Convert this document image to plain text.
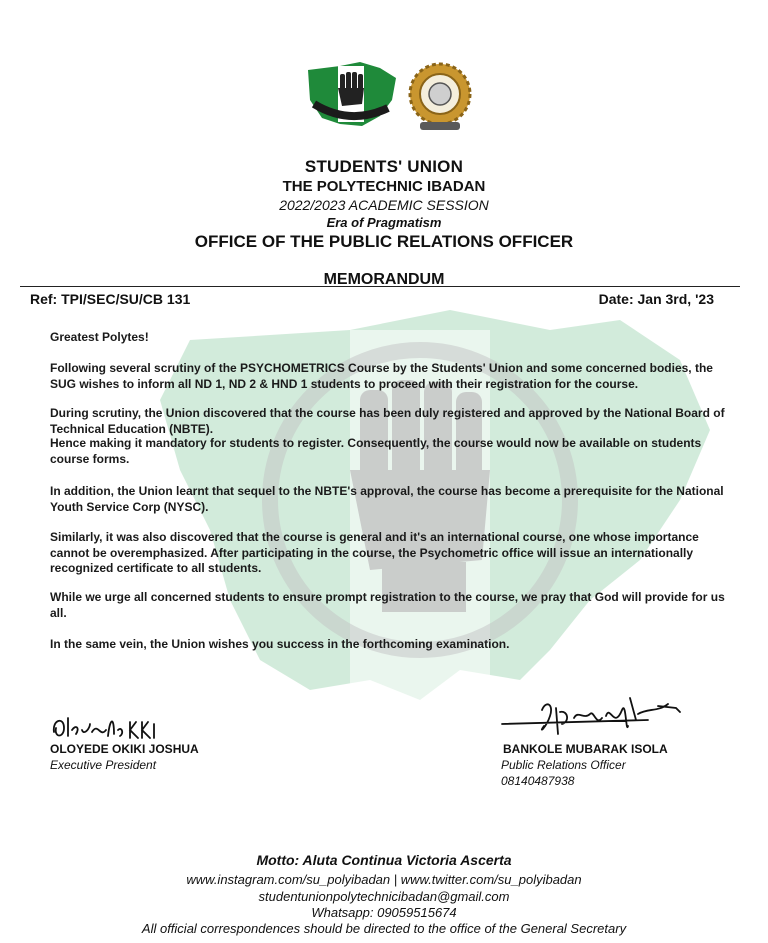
STUDENTS' UNION
THE POLYTECHNIC IBADAN
2022/2023 ACADEMIC SESSION
Era of Pragmatism
OFFICE OF THE PUBLIC RELATIONS OFFICER
MEMORANDUM
Ref: TPI/SEC/SU/CB 131	Date: Jan 3rd, '23
Greatest Polytes!
Following several scrutiny of the PSYCHOMETRICS Course by the Students' Union and some concerned bodies, the SUG wishes to inform all ND 1, ND 2 & HND 1 students to proceed with their registration for the course.
During scrutiny, the Union discovered that the course has been duly registered and approved by the National Board of Technical Education (NBTE).
Hence making it mandatory for students to register. Consequently, the course would now be available on students course forms.
In addition, the Union learnt that sequel to the NBTE's approval, the course has become a prerequisite for the National Youth Service Corp (NYSC).
Similarly, it was also discovered that the course is general and it's an international course, one whose importance cannot be overemphasized. After participating in the course, the Psychometric office will issue an internationally recognized certificate to all students.
While we urge all concerned students to ensure prompt registration to the course, we pray that God will provide for us all.
In the same vein, the Union wishes you success in the forthcoming examination.
OLOYEDE OKIKI JOSHUA
Executive President
BANKOLE MUBARAK ISOLA
Public Relations Officer
08140487938
Motto: Aluta Continua Victoria Ascerta
www.instagram.com/su_polyibadan | www.twitter.com/su_polyibadan
studentunionpolytechnicibadan@gmail.com
Whatsapp: 09059515674
All official correspondences should be directed to the office of the General Secretary
